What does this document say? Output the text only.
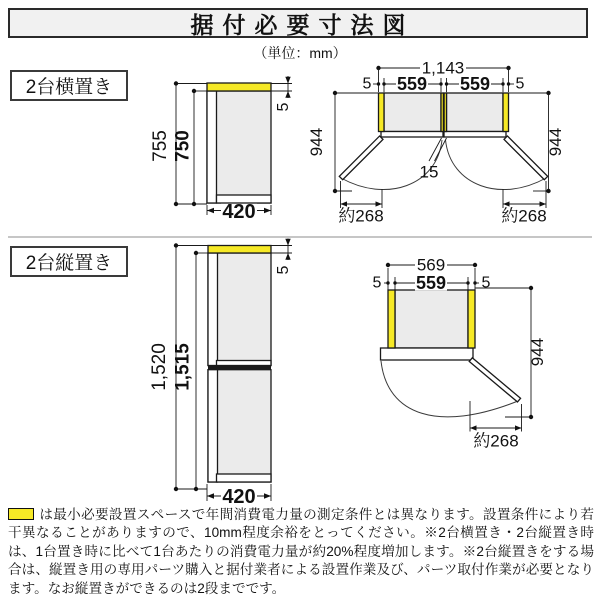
据付必要寸法図
（単位：mm）
2台横置き
755 750
5
420
1,143
5 559 559 5
944	944
15
約268	約268
2台縦置き
1,520 1,515
5
420
569
5 559 5
944
約268
は最小必要設置スペースで年間消費電力量の測定条件とは異なります。設置条件により若干異なることがありますので、10mm程度余裕をとってください。※2台横置き・2台縦置き時は、1台置き時に比べて1台あたりの消費電力量が約20%程度増加します。※2台縦置きをする場合は、縦置き用の専用パーツ購入と据付業者による設置作業及び、パーツ取付作業が必要となります。なお縦置きができるのは2段までです。
